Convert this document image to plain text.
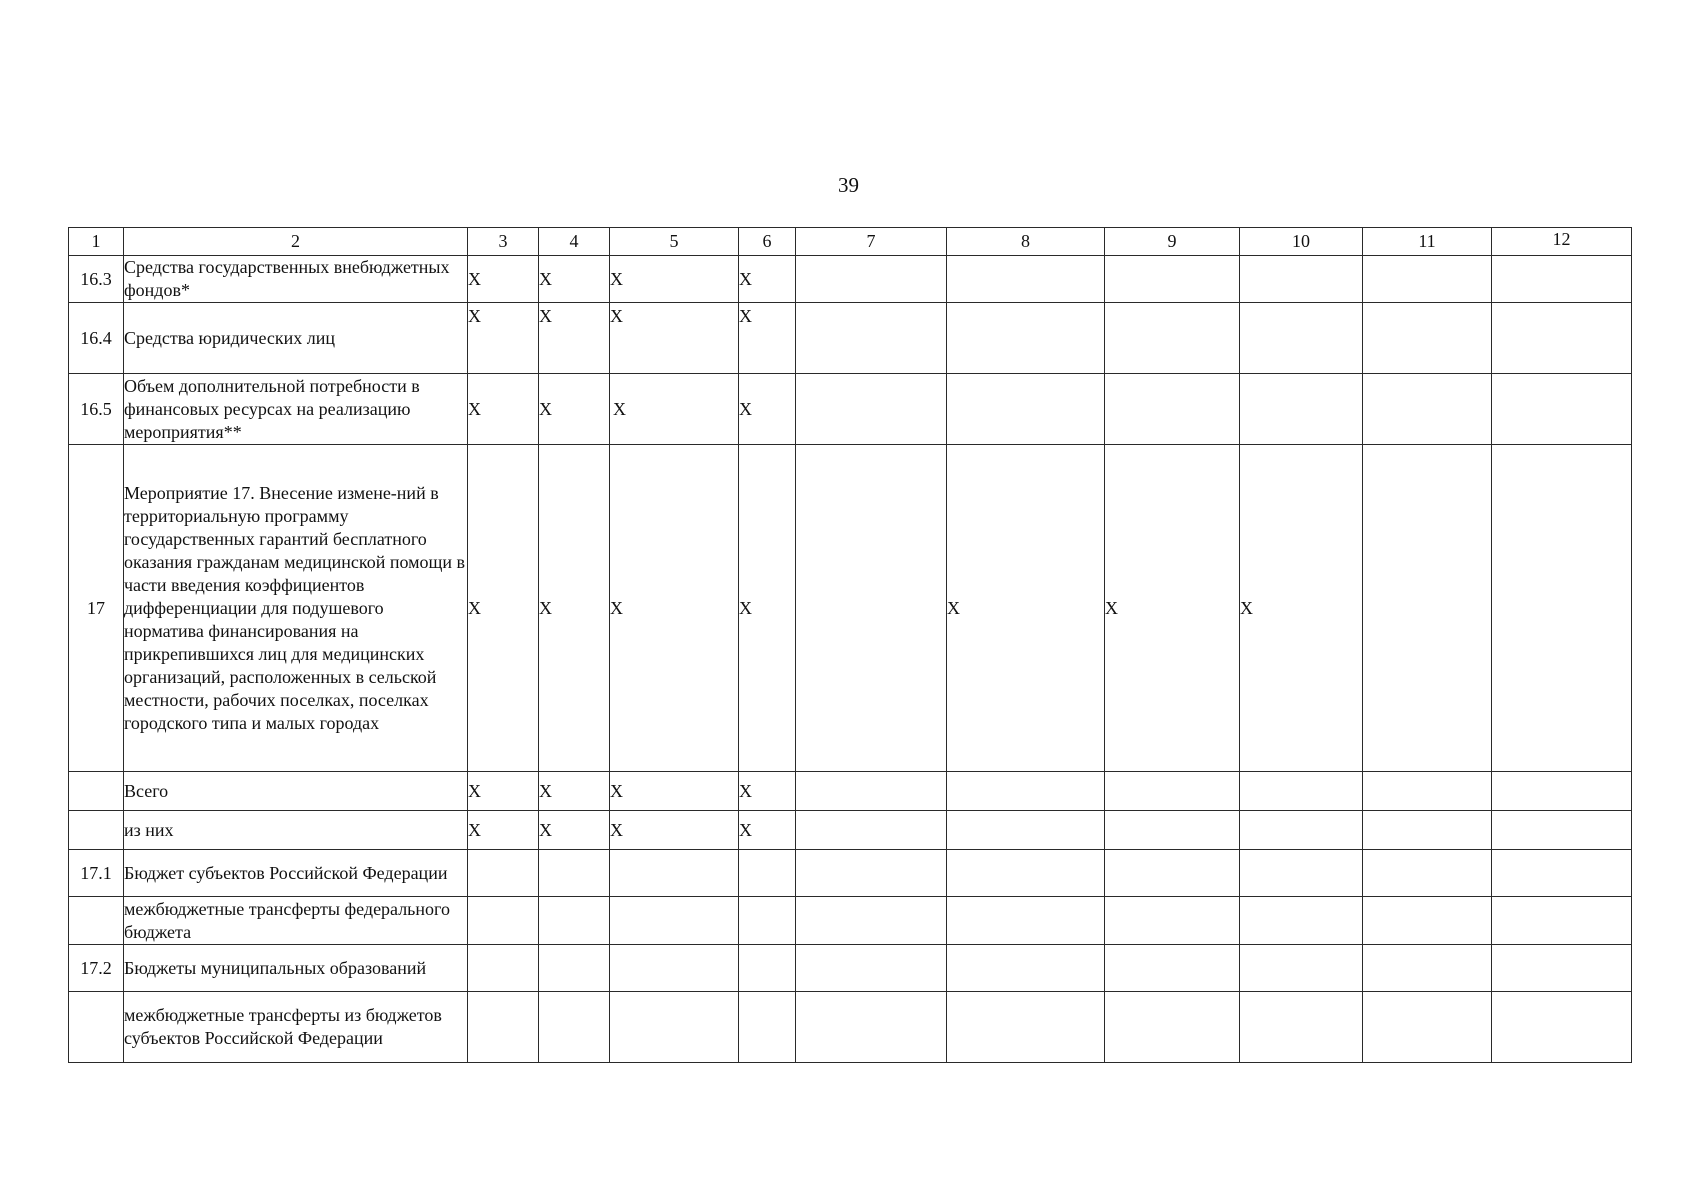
39
1	2	3	4	5	6	7	8	9	10	11	12
16.3	Средства государственных внебюджетных фондов*	X	X	X	X						
16.4	Средства юридических лиц	X	X	X	X						
16.5	Объем дополнительной потребности в финансовых ресурсах на реализацию мероприятия**	X	X	X	X						
17	Мероприятие 17. Внесение измене-ний в территориальную программу государственных гарантий бесплатного оказания гражданам медицинской помощи в части введения коэффициентов дифференциации для подушевого норматива финансирования на прикрепившихся лиц для медицинских организаций, расположенных в сельской местности, рабочих поселках, поселках городского типа и малых городах	X	X	X	X		X	X	X		
	Всего	X	X	X	X						
	из них	X	X	X	X						
17.1	Бюджет субъектов Российской Федерации										
	межбюджетные трансферты федерального бюджета										
17.2	Бюджеты муниципальных образований										
	межбюджетные трансферты из бюджетов субъектов Российской Федерации										
